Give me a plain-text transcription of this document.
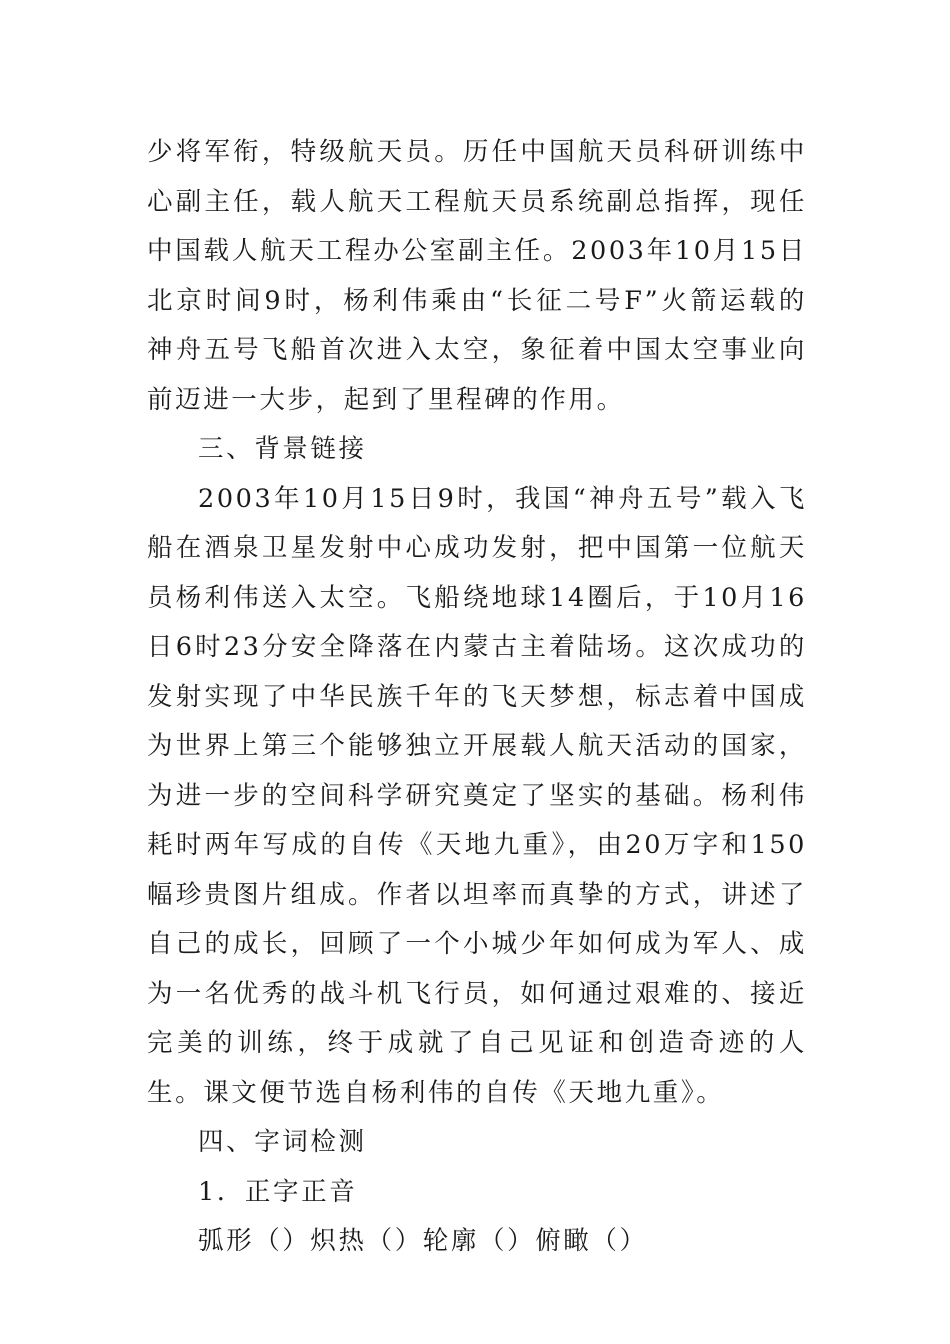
少将军衔，特级航天员。历任中国航天员科研训练中心副主任，载人航天工程航天员系统副总指挥，现任中国载人航天工程办公室副主任。2003年10月15日北京时间9时，杨利伟乘由“长征二号F”火箭运载的神舟五号飞船首次进入太空，象征着中国太空事业向前迈进一大步，起到了里程碑的作用。

三、背景链接

2003年10月15日9时，我国“神舟五号”载入飞船在酒泉卫星发射中心成功发射，把中国第一位航天员杨利伟送入太空。飞船绕地球14圈后，于10月16日6时23分安全降落在内蒙古主着陆场。这次成功的发射实现了中华民族千年的飞天梦想，标志着中国成为世界上第三个能够独立开展载人航天活动的国家，为进一步的空间科学研究奠定了坚实的基础。杨利伟耗时两年写成的自传《天地九重》，由20万字和150幅珍贵图片组成。作者以坦率而真挚的方式，讲述了自己的成长，回顾了一个小城少年如何成为军人、成为一名优秀的战斗机飞行员，如何通过艰难的、接近完美的训练，终于成就了自己见证和创造奇迹的人生。课文便节选自杨利伟的自传《天地九重》。

四、字词检测

1．正字正音

弧形（）炽热（）轮廓（）俯瞰（）
